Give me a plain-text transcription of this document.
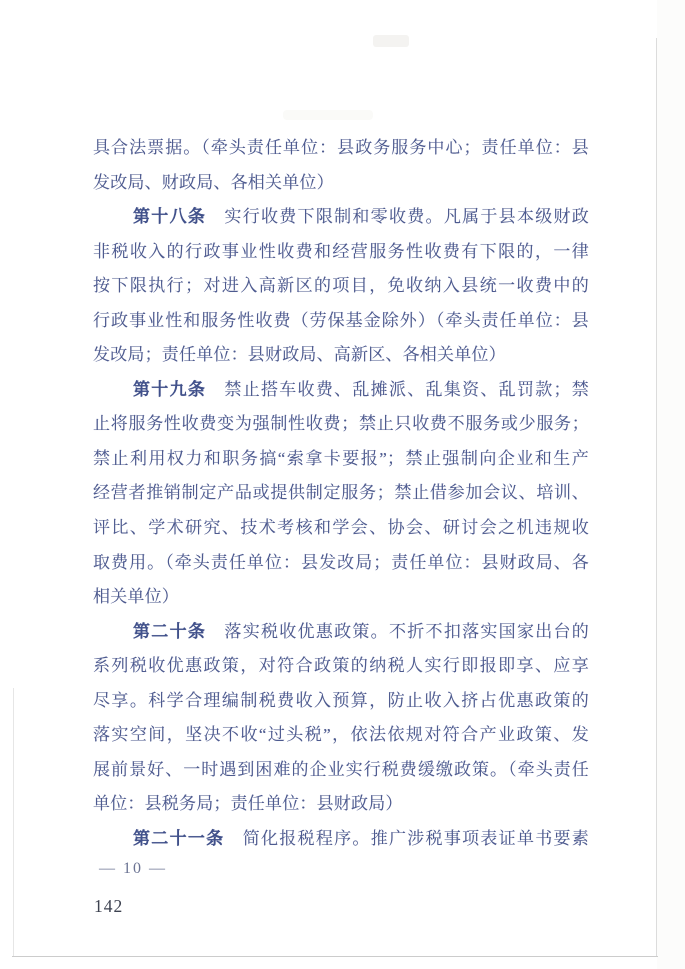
具合法票据。（牵头责任单位：县政务服务中心；责任单位：县
发改局、财政局、各相关单位）
第十八条　实行收费下限制和零收费。凡属于县本级财政
非税收入的行政事业性收费和经营服务性收费有下限的，一律
按下限执行；对进入高新区的项目，免收纳入县统一收费中的
行政事业性和服务性收费（劳保基金除外）（牵头责任单位：县
发改局；责任单位：县财政局、高新区、各相关单位）
第十九条　禁止搭车收费、乱摊派、乱集资、乱罚款；禁
止将服务性收费变为强制性收费；禁止只收费不服务或少服务；
禁止利用权力和职务搞“索拿卡要报”；禁止强制向企业和生产
经营者推销制定产品或提供制定服务；禁止借参加会议、培训、
评比、学术研究、技术考核和学会、协会、研讨会之机违规收
取费用。（牵头责任单位：县发改局；责任单位：县财政局、各
相关单位）
第二十条　落实税收优惠政策。不折不扣落实国家出台的
系列税收优惠政策，对符合政策的纳税人实行即报即享、应享
尽享。科学合理编制税费收入预算，防止收入挤占优惠政策的
落实空间，坚决不收“过头税”，依法依规对符合产业政策、发
展前景好、一时遇到困难的企业实行税费缓缴政策。（牵头责任
单位：县税务局；责任单位：县财政局）
第二十一条　简化报税程序。推广涉税事项表证单书要素
— 10 —
142
